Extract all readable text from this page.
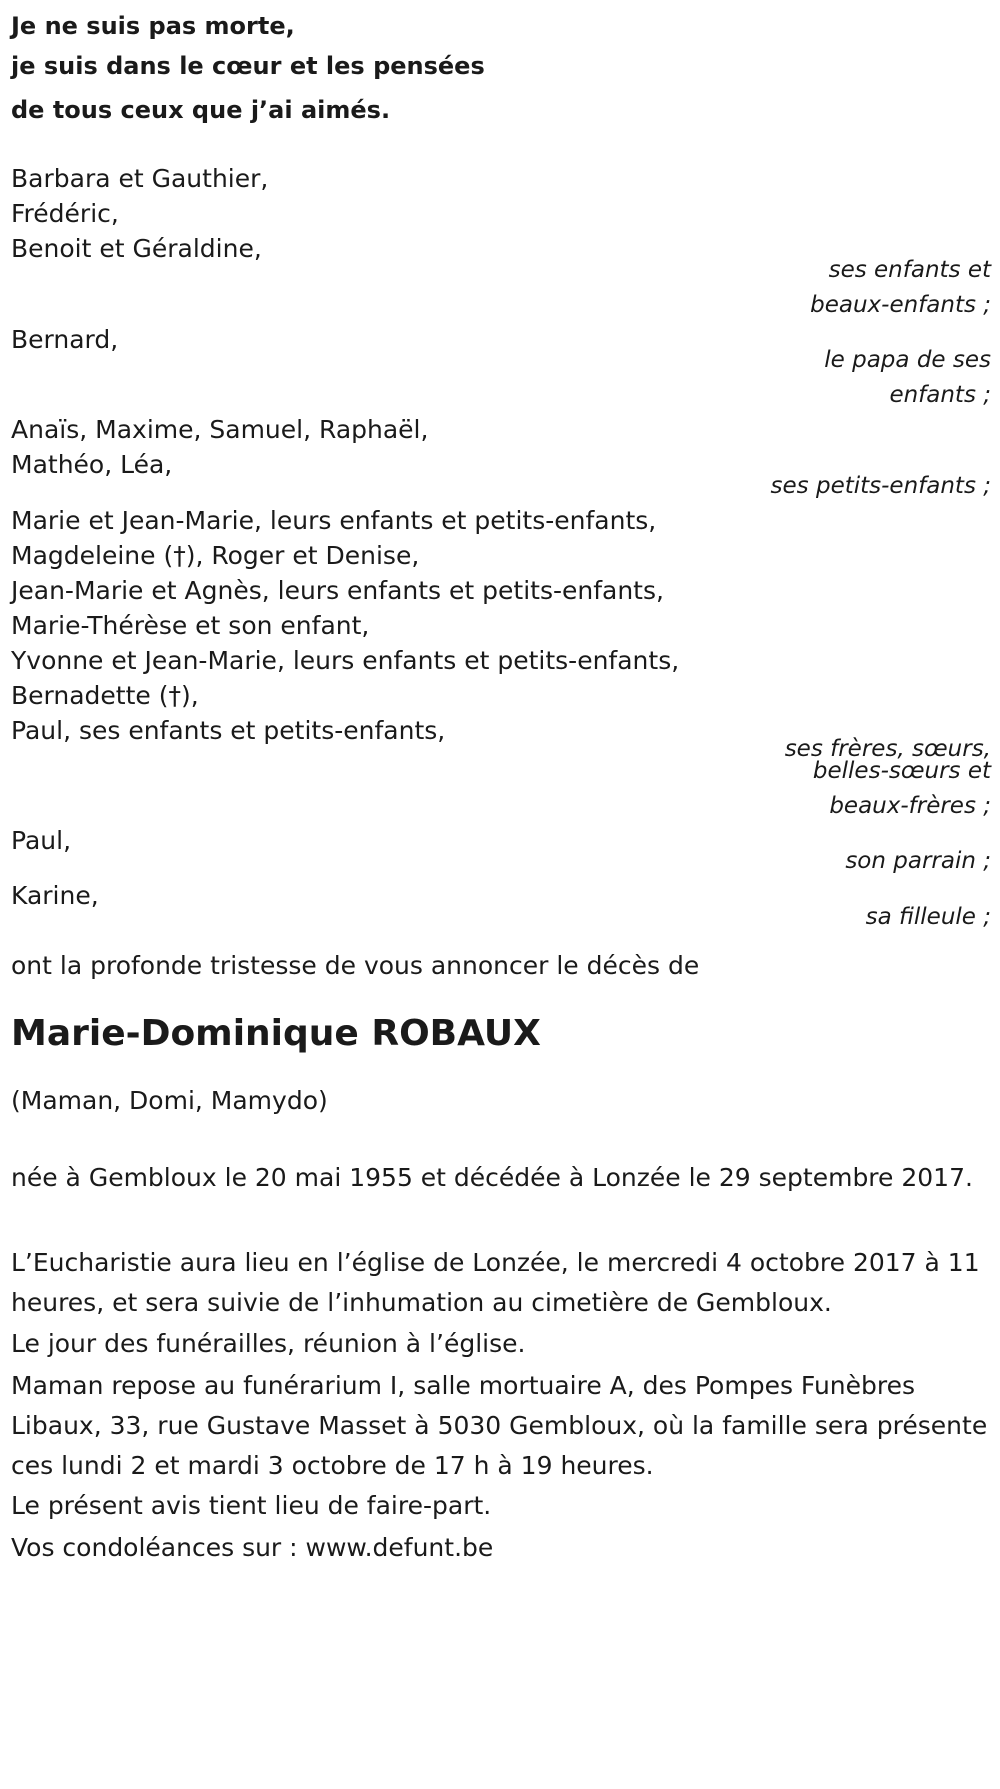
Je ne suis pas morte,
je suis dans le cœur et les pensées
de tous ceux que j’ai aimés.
Barbara et Gauthier,
Frédéric,
Benoit et Géraldine,
ses enfants et
beaux-enfants ;
Bernard,
le papa de ses
enfants ;
Anaïs, Maxime, Samuel, Raphaël,
Mathéo, Léa,
ses petits-enfants ;
Marie et Jean-Marie, leurs enfants et petits-enfants,
Magdeleine (†), Roger et Denise,
Jean-Marie et Agnès, leurs enfants et petits-enfants,
Marie-Thérèse et son enfant,
Yvonne et Jean-Marie, leurs enfants et petits-enfants,
Bernadette (†),
Paul, ses enfants et petits-enfants,
ses frères, sœurs,
belles-sœurs et
beaux-frères ;
Paul,
son parrain ;
Karine,
sa filleule ;
ont la profonde tristesse de vous annoncer le décès de
Marie-Dominique ROBAUX
(Maman, Domi, Mamydo)
née à Gembloux le 20 mai 1955 et décédée à Lonzée le 29 septembre 2017.
L’Eucharistie aura lieu en l’église de Lonzée, le mercredi 4 octobre 2017 à 11 heures, et sera suivie de l’inhumation au cimetière de Gembloux.
Le jour des funérailles, réunion à l’église.
Maman repose au funérarium I, salle mortuaire A, des Pompes Funèbres Libaux, 33, rue Gustave Masset à 5030 Gembloux, où la famille sera présente ces lundi 2 et mardi 3 octobre de 17 h à 19 heures.
Le présent avis tient lieu de faire-part.
Vos condoléances sur : www.defunt.be
